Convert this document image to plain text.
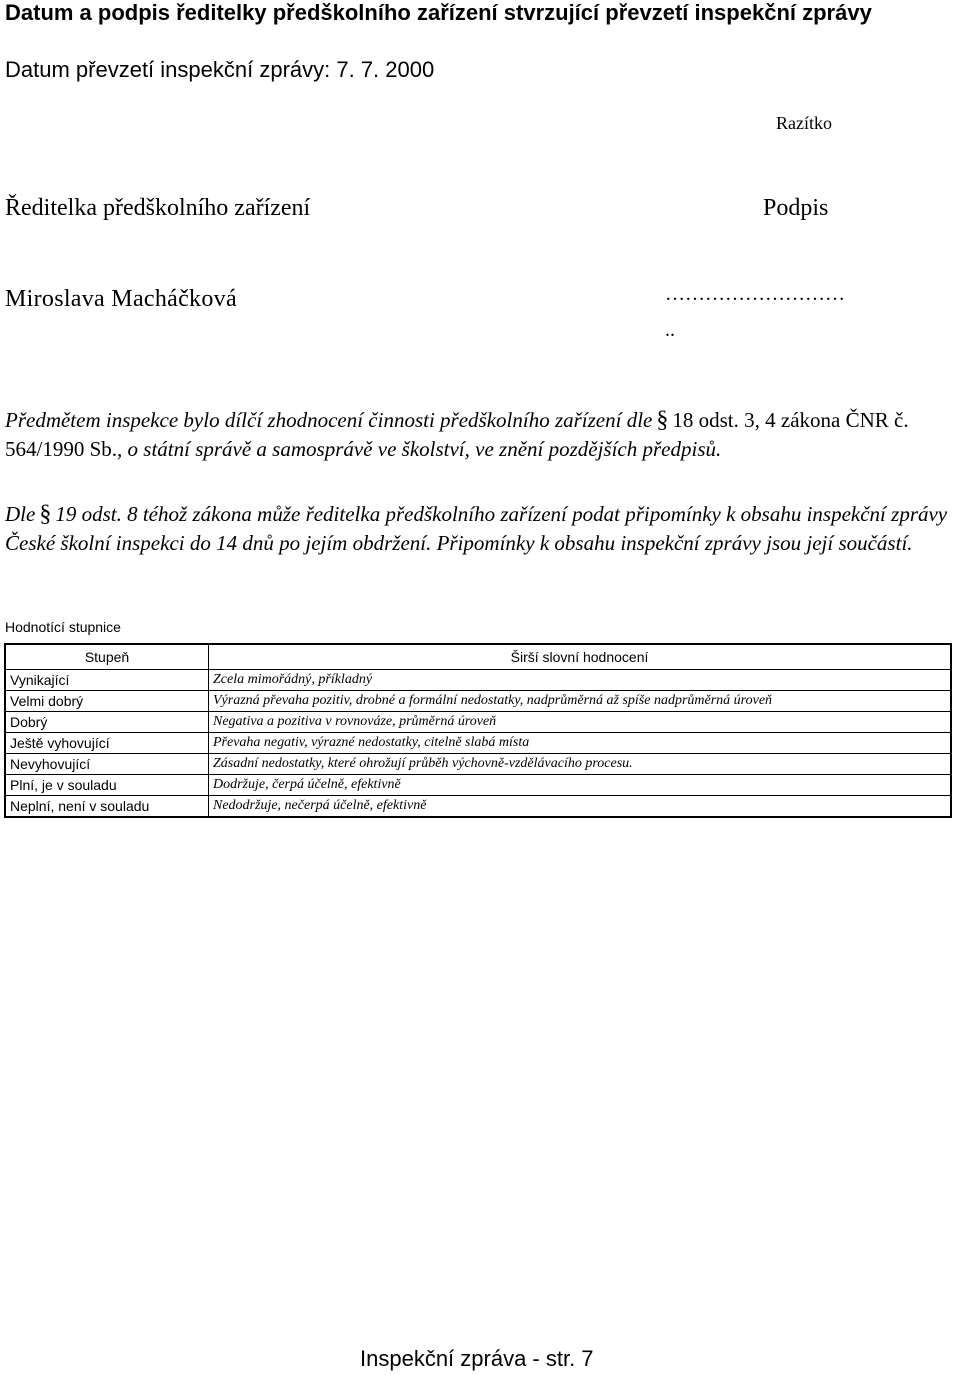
Datum a podpis ředitelky předškolního zařízení stvrzující převzetí inspekční zprávy
Datum převzetí inspekční zprávy: 7. 7. 2000
Razítko
Ředitelka předškolního zařízení	Podpis
Miroslava Macháčková	………………………
..
Předmětem inspekce bylo dílčí zhodnocení činnosti předškolního zařízení dle § 18 odst. 3, 4 zákona ČNR č. 564/1990 Sb., o státní správě a samosprávě ve školství, ve znění pozdějších předpisů.
Dle § 19 odst. 8 téhož zákona může ředitelka předškolního zařízení podat připomínky k obsahu inspekční zprávy České školní inspekci do 14 dnů po jejím obdržení. Připomínky k obsahu inspekční zprávy jsou její součástí.
Hodnotící stupnice
Stupeň	Širší slovní hodnocení
Vynikající	Zcela mimořádný, příkladný
Velmi dobrý	Výrazná převaha pozitiv, drobné a formální nedostatky, nadprůměrná až spíše nadprůměrná úroveň
Dobrý	Negativa a pozitiva v rovnováze, průměrná úroveň
Ještě vyhovující	Převaha negativ, výrazné nedostatky, citelně slabá místa
Nevyhovující	Zásadní nedostatky, které ohrožují průběh výchovně-vzdělávacího procesu.
Plní, je v souladu	Dodržuje, čerpá účelně, efektivně
Neplní, není v souladu	Nedodržuje, nečerpá účelně, efektivně
Inspekční zpráva - str. 7
